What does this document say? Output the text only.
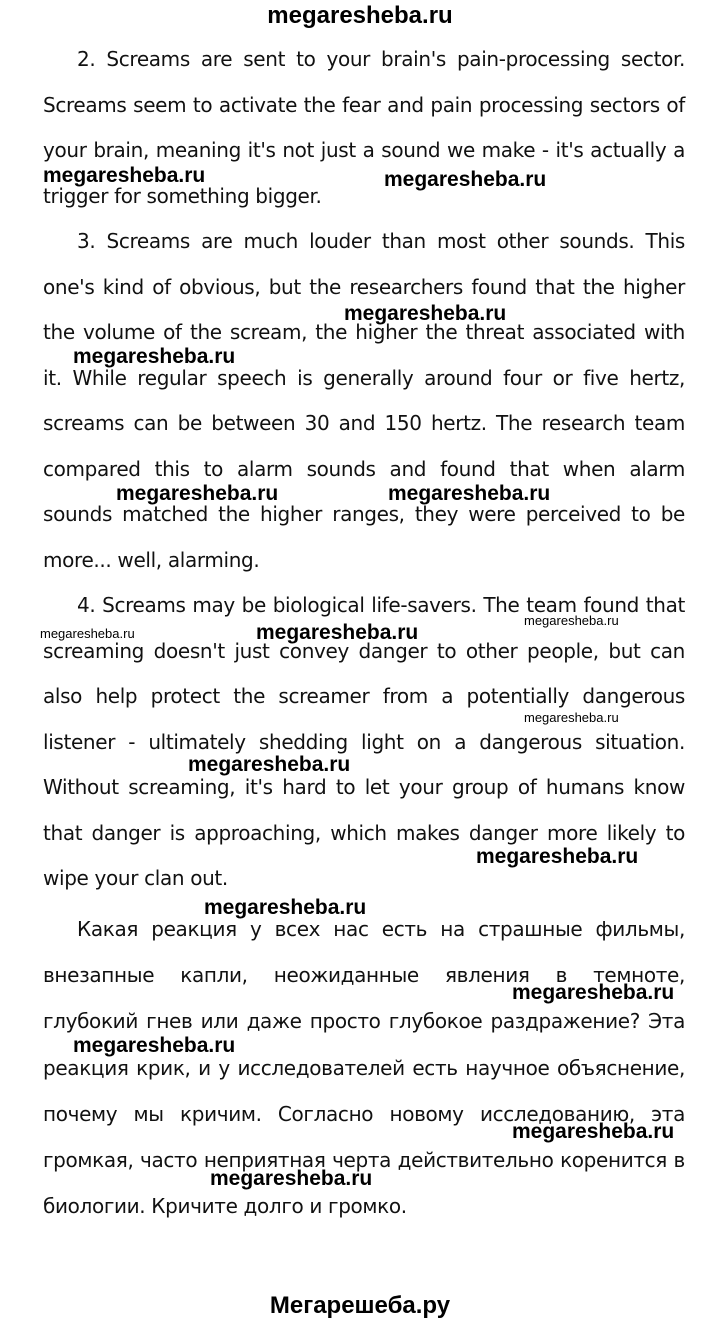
megaresheba.ru

2. Screams are sent to your brain's pain-processing sector. Screams seem to activate the fear and pain processing sectors of your brain, meaning it's not just a sound we make - it's actually a trigger for something bigger.

3. Screams are much louder than most other sounds. This one's kind of obvious, but the researchers found that the higher the volume of the scream, the higher the threat associated with it. While regular speech is generally around four or five hertz, screams can be between 30 and 150 hertz. The research team compared this to alarm sounds and found that when alarm sounds matched the higher ranges, they were perceived to be more... well, alarming.

4. Screams may be biological life-savers. The team found that screaming doesn't just convey danger to other people, but can also help protect the screamer from a potentially dangerous listener - ultimately shedding light on a dangerous situation. Without screaming, it's hard to let your group of humans know that danger is approaching, which makes danger more likely to wipe your clan out.

Какая реакция у всех нас есть на страшные фильмы, внезапные капли, неожиданные явления в темноте, глубокий гнев или даже просто глубокое раздражение? Эта реакция крик, и у исследователей есть научное объяснение, почему мы кричим. Согласно новому исследованию, эта громкая, часто неприятная черта действительно коренится в биологии. Кричите долго и громко.

megaresheba.ru	megaresheba.ru
megaresheba.ru
megaresheba.ru
megaresheba.ru	megaresheba.ru
megaresheba.ru	megaresheba.ru
megaresheba.ru
megaresheba.ru
megaresheba.ru
megaresheba.ru
megaresheba.ru
megaresheba.ru
megaresheba.ru
megaresheba.ru
megaresheba.ru
Мегарешеба.ру
